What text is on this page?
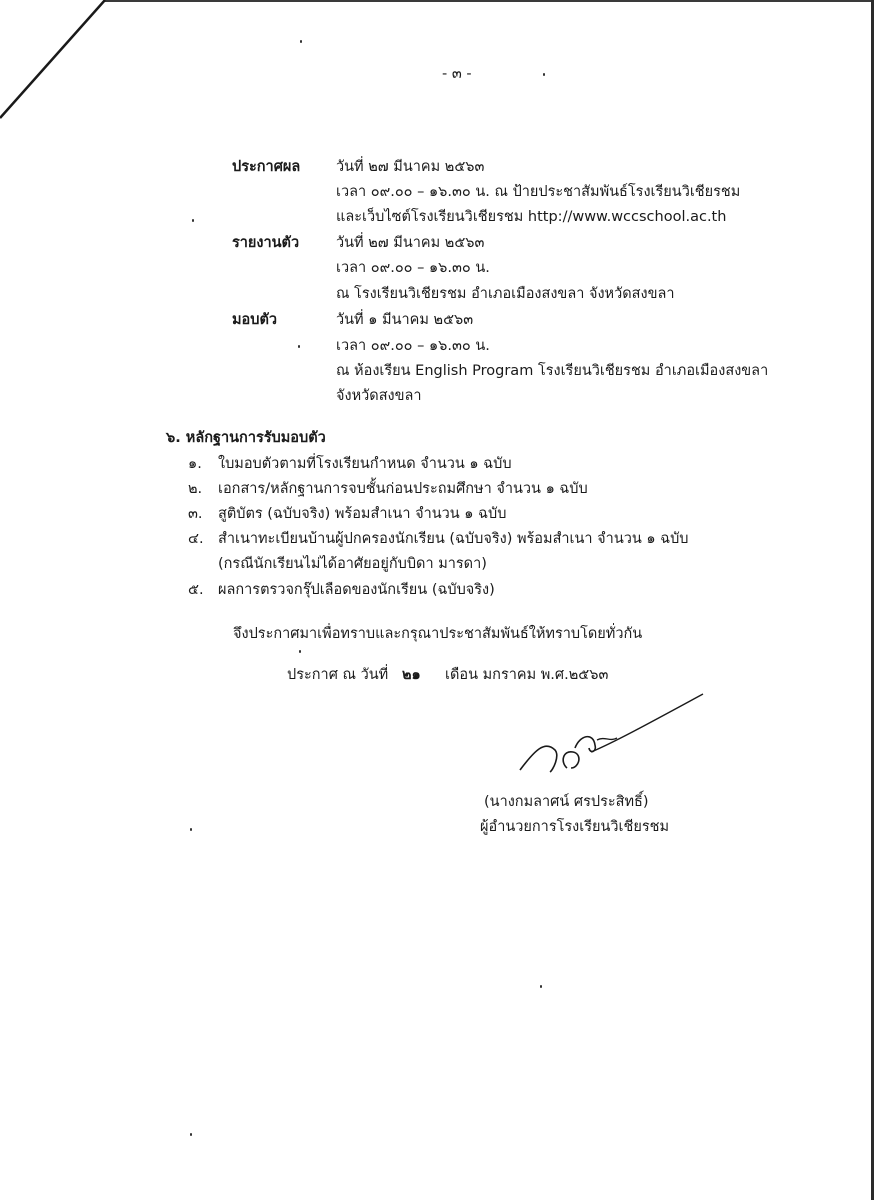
- ๓ -
ประกาศผล วันที่ ๒๗ มีนาคม ๒๕๖๓
เวลา ๐๙.๐๐ – ๑๖.๓๐ น. ณ ป้ายประชาสัมพันธ์โรงเรียนวิเชียรชม
และเว็บไซต์โรงเรียนวิเชียรชม http://www.wccschool.ac.th
รายงานตัว	วันที่ ๒๗ มีนาคม ๒๕๖๓
เวลา ๐๙.๐๐ – ๑๖.๓๐ น.
ณ โรงเรียนวิเชียรชม อำเภอเมืองสงขลา จังหวัดสงขลา
มอบตัว	วันที่ ๑ มีนาคม ๒๕๖๓
เวลา ๐๙.๐๐ – ๑๖.๓๐ น.
ณ ห้องเรียน English Program โรงเรียนวิเชียรชม อำเภอเมืองสงขลา
จังหวัดสงขลา
๖. หลักฐานการรับมอบตัว
๑. ใบมอบตัวตามที่โรงเรียนกำหนด จำนวน ๑ ฉบับ
๒. เอกสาร/หลักฐานการจบชั้นก่อนประถมศึกษา จำนวน ๑ ฉบับ
๓. สูติบัตร (ฉบับจริง) พร้อมสำเนา จำนวน ๑ ฉบับ
๔. สำเนาทะเบียนบ้านผู้ปกครองนักเรียน (ฉบับจริง) พร้อมสำเนา จำนวน ๑ ฉบับ
(กรณีนักเรียนไม่ได้อาศัยอยู่กับบิดา มารดา)
๕. ผลการตรวจกรุ๊ปเลือดของนักเรียน (ฉบับจริง)
จึงประกาศมาเพื่อทราบและกรุณาประชาสัมพันธ์ให้ทราบโดยทั่วกัน
ประกาศ ณ วันที่ ๒๑ เดือน มกราคม พ.ศ.๒๕๖๓
(นางกมลาศน์ ศรประสิทธิ์)
ผู้อำนวยการโรงเรียนวิเชียรชม
